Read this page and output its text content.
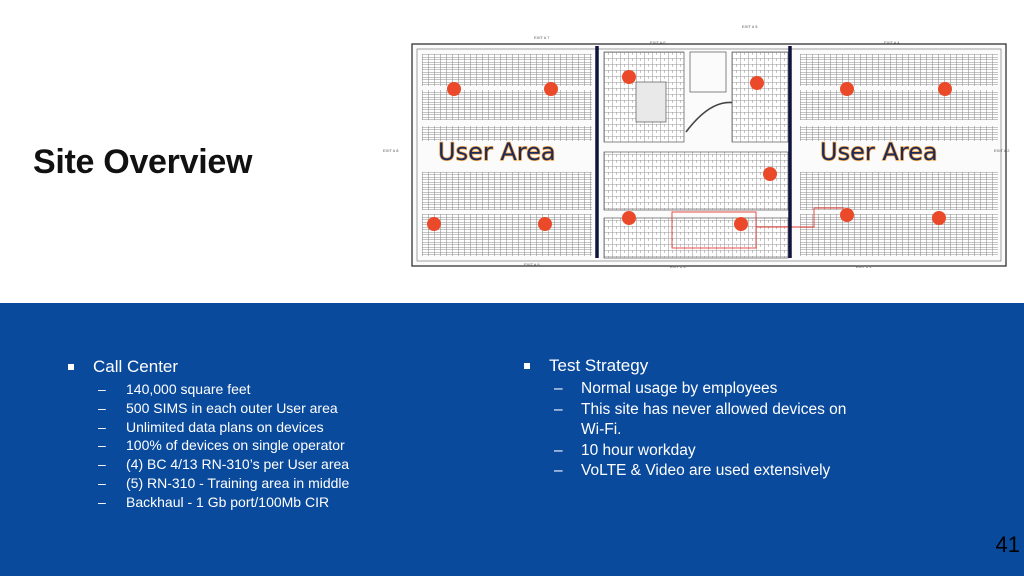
Site Overview
EXIT # 7
EXIT # 6
EXIT # 5
EXIT # 4
EXIT # 8
EXIT # 9	EXIT # 3	EXIT # 1
EXIT # 2
User Area	User Area
Call Center
– 140,000 square feet
– 500 SIMS in each outer User area
– Unlimited data plans on devices
– 100% of devices on single operator
– (4) BC 4/13 RN-310’s per User area
– (5) RN-310 - Training area in middle
– Backhaul - 1 Gb port/100Mb CIR
Test Strategy
– Normal usage by employees
– This site has never allowed devices on
Wi-Fi.
– 10 hour workday
– VoLTE & Video are used extensively
41
